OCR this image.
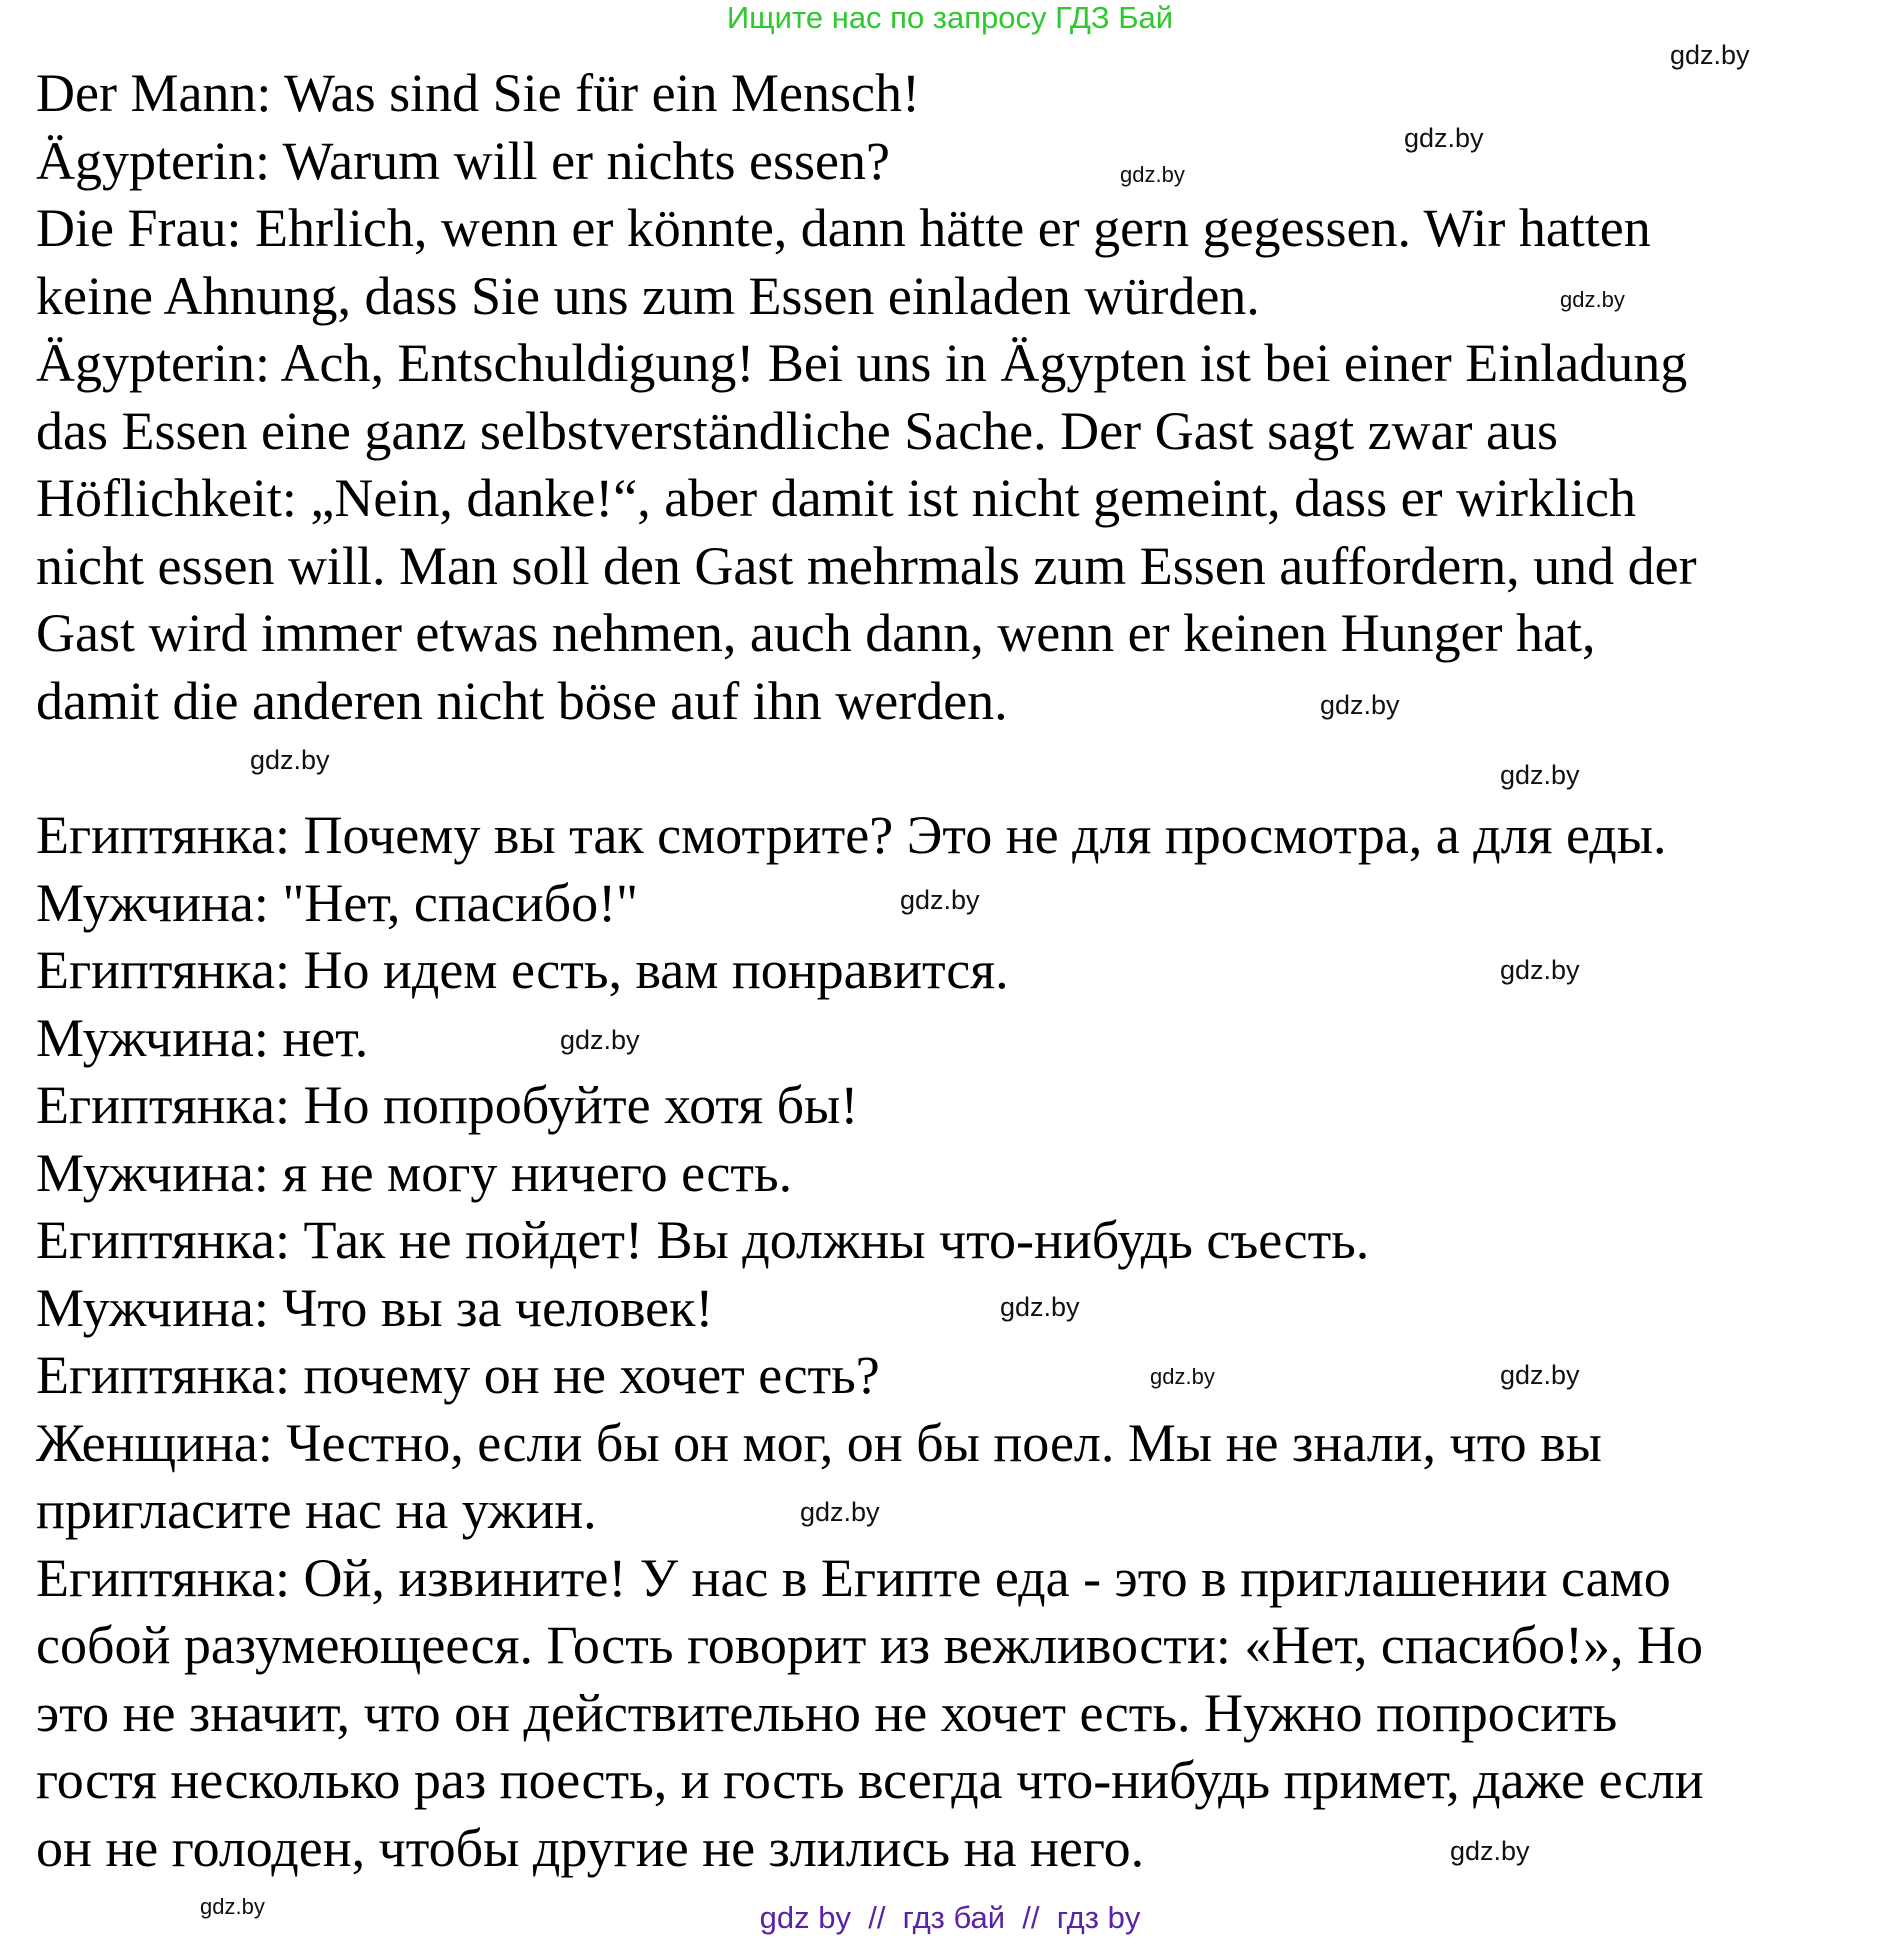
Ищите нас по запросу ГДЗ Бай
Der Mann: Was sind Sie für ein Mensch!
Ägypterin: Warum will er nichts essen?
Die Frau: Ehrlich, wenn er könnte, dann hätte er gern gegessen. Wir hatten
keine Ahnung, dass Sie uns zum Essen einladen würden.
Ägypterin: Ach, Entschuldigung! Bei uns in Ägypten ist bei einer Einladung
das Essen eine ganz selbstverständliche Sache. Der Gast sagt zwar aus
Höflichkeit: „Nein, danke!“, aber damit ist nicht gemeint, dass er wirklich
nicht essen will. Man soll den Gast mehrmals zum Essen auffordern, und der
Gast wird immer etwas nehmen, auch dann, wenn er keinen Hunger hat,
damit die anderen nicht böse auf ihn werden.
Египтянка: Почему вы так смотрите? Это не для просмотра, а для еды.
Мужчина: "Нет, спасибо!"
Египтянка: Но идем есть, вам понравится.
Мужчина: нет.
Египтянка: Но попробуйте хотя бы!
Мужчина: я не могу ничего есть.
Египтянка: Так не пойдет! Вы должны что-нибудь съесть.
Мужчина: Что вы за человек!
Египтянка: почему он не хочет есть?
Женщина: Честно, если бы он мог, он бы поел. Мы не знали, что вы
пригласите нас на ужин.
Египтянка: Ой, извините! У нас в Египте еда - это в приглашении само
собой разумеющееся. Гость говорит из вежливости: «Нет, спасибо!», Но
это не значит, что он действительно не хочет есть. Нужно попросить
гостя несколько раз поесть, и гость всегда что-нибудь примет, даже если
он не голоден, чтобы другие не злились на него.
gdz.by
gdz.by
gdz.by
gdz.by
gdz.by
gdz.by	gdz.by
gdz.by
gdz.by
gdz.by
gdz.by
gdz.by
gdz.by
gdz.by
gdz.by
gdz.by
gdz by  //  гдз бай  //  гдз by
